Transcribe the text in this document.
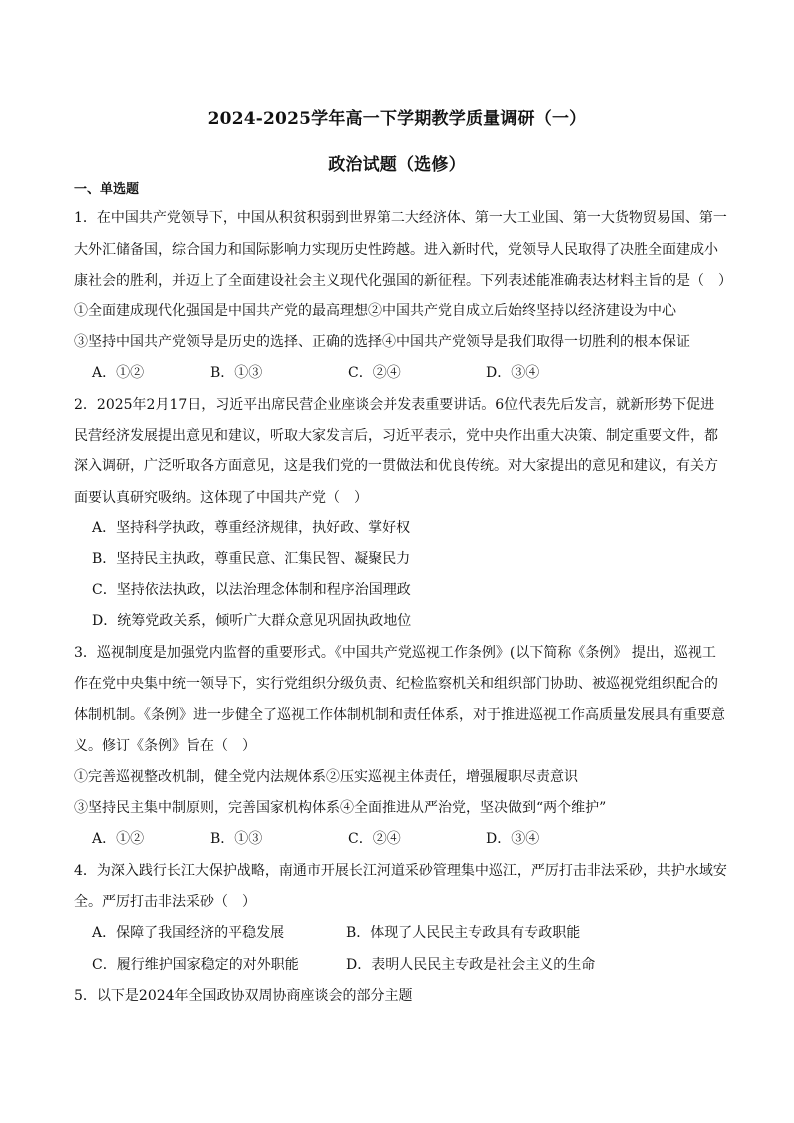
2024-2025学年高一下学期教学质量调研（一）
政治试题（选修）
一、单选题
1．在中国共产党领导下，中国从积贫积弱到世界第二大经济体、第一大工业国、第一大货物贸易国、第一
大外汇储备国，综合国力和国际影响力实现历史性跨越。进入新时代，党领导人民取得了决胜全面建成小
康社会的胜利，并迈上了全面建设社会主义现代化强国的新征程。下列表述能准确表达材料主旨的是（　）
①全面建成现代化强国是中国共产党的最高理想②中国共产党自成立后始终坚持以经济建设为中心
③坚持中国共产党领导是历史的选择、正确的选择④中国共产党领导是我们取得一切胜利的根本保证
A．①②	B．①③	C．②④	D．③④
2．2025年2月17日，习近平出席民营企业座谈会并发表重要讲话。6位代表先后发言，就新形势下促进
民营经济发展提出意见和建议，听取大家发言后，习近平表示，党中央作出重大决策、制定重要文件，都
深入调研，广泛听取各方面意见，这是我们党的一贯做法和优良传统。对大家提出的意见和建议，有关方
面要认真研究吸纳。这体现了中国共产党（　）
A．坚持科学执政，尊重经济规律，执好政、掌好权
B．坚持民主执政，尊重民意、汇集民智、凝聚民力
C．坚持依法执政，以法治理念体制和程序治国理政
D．统筹党政关系，倾听广大群众意见巩固执政地位
3．巡视制度是加强党内监督的重要形式。《中国共产党巡视工作条例》(以下简称《条例》 提出，巡视工
作在党中央集中统一领导下，实行党组织分级负责、纪检监察机关和组织部门协助、被巡视党组织配合的
体制机制。《条例》进一步健全了巡视工作体制机制和责任体系，对于推进巡视工作高质量发展具有重要意
义。修订《条例》旨在（　）
①完善巡视整改机制，健全党内法规体系②压实巡视主体责任，增强履职尽责意识
③坚持民主集中制原则，完善国家机构体系④全面推进从严治党，坚决做到“两个维护”
A．①②	B．①③	C．②④	D．③④
4．为深入践行长江大保护战略，南通市开展长江河道采砂管理集中巡江，严厉打击非法采砂，共护水域安
全。严厉打击非法采砂（　）
A．保障了我国经济的平稳发展	B．体现了人民民主专政具有专政职能
C．履行维护国家稳定的对外职能	D．表明人民民主专政是社会主义的生命
5．以下是2024年全国政协双周协商座谈会的部分主题
